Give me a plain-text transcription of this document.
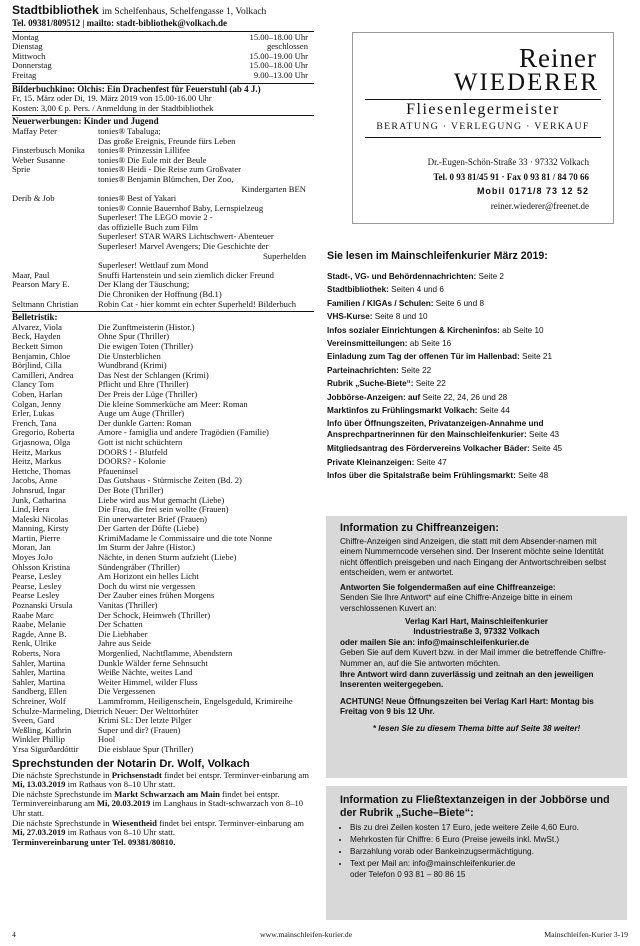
Stadtbibliothek im Schelfenhaus, Schelfengasse 1, Volkach
Tel. 09381/809512 | mailto: stadt-bibliothek@volkach.de
Montag	15.00–18.00 Uhr
Dienstag	geschlossen
Mittwoch	15.00–19.00 Uhr
Donnerstag	15.00–18.00 Uhr
Freitag	9.00–13.00 Uhr
Bilderbuchkino: Olchis: Ein Drachenfest für Feuerstuhl (ab 4 J.)
Fr, 15. März oder Di, 19. März 2019 von 15.00-16.00 Uhr
Kosten: 3,00 € p. Pers. / Anmeldung in der Stadtbibliothek
Neuerwerbungen: Kinder und Jugend
Maffay Peter	tonies® Tabaluga;
Das große Ereignis, Freunde fürs Leben
Finsterbusch Monika	tonies® Prinzessin Lillifee
Weber Susanne	tonies® Die Eule mit der Beule
Sprie	tonies® Heidi - Die Reise zum Großvater
tonies® Benjamin Blümchen, Der Zoo,
Kindergarten BEN
Derib & Job	tonies® Best of Yakari
tonies® Connie Bauernhof Baby, Lernspielzeug
Superleser! The LEGO movie 2 -
das offizielle Buch zum Film
Superleser! STAR WARS Lichtschwert- Abenteuer
Superleser! Marvel Avengers; Die Geschichte der
Superhelden
Superleser! Wettlauf zum Mond
Maar, Paul	Snuffi Hartenstein und sein ziemlich dicker Freund
Pearson Mary E.	Der Klang der Täuschung;
Die Chroniken der Hoffnung (Bd.1)
Seltmann Christian	Robin Cat - hier kommt ein echter Superheld! Bilderbuch
Belletristik:
Alvarez, Viola	Die Zunftmeisterin (Histor.)
Beck, Hayden	Ohne Spur (Thriller)
Beckett Simon	Die ewigen Toten (Thriller)
Benjamin, Chloe	Die Unsterblichen
Börjlind, Cilla	Wundbrand (Krimi)
Camilleri, Andrea	Das Nest der Schlangen (Krimi)
Clancy Tom	Pflicht und Ehre (Thriller)
Coben, Harlan	Der Preis der Lüge (Thriller)
Colgan, Jenny	Die kleine Sommerküche am Meer: Roman
Erler, Lukas	Auge um Auge (Thriller)
French, Tana	Der dunkle Garten: Roman
Gregorio, Roberta	Amore - famiglia und andere Tragödien (Familie)
Grjasnowa, Olga	Gott ist nicht schüchtern
Heitz, Markus	DOORS ! - Blutfeld
Heitz, Markus	DOORS? - Kolonie
Hettche, Thomas	Pfaueninsel
Jacobs, Anne	Das Gutshaus - Stürmische Zeiten (Bd. 2)
Johnsrud, Ingar	Der Bote (Thriller)
Junk, Catharina	Liebe wird aus Mut gemacht (Liebe)
Lind, Hera	Die Frau, die frei sein wollte (Frauen)
Maleski Nicolas	Ein unerwarteter Brief (Frauen)
Manning, Kirsty	Der Garten der Düfte (Liebe)
Martin, Pierre	KrimiMadame le Commissaire und die tote Nonne
Moran, Jan	Im Sturm der Jahre (Histor.)
Moyes JoJo	Nächte, in denen Sturm aufzieht (Liebe)
Ohlsson Kristina	Sündengräber (Thriller)
Pearse, Lesley	Am Horizont ein helles Licht
Pearse, Lesley	Doch du wirst nie vergessen
Pearse Lesley	Der Zauber eines frühen Morgens
Poznanski Ursula	Vanitas (Thriller)
Raabe Marc	Der Schock, Heimweh (Thriller)
Raabe, Melanie	Der Schatten
Ragde, Anne B.	Die Liebhaber
Renk, Ulrike	Jahre aus Seide
Roberts, Nora	Morgenlied, Nachtflamme, Abendstern
Sahler, Martina	Dunkle Wälder ferne Sehnsucht
Sahler, Martina	Weiße Nächte, weites Land
Sahler, Martina	Weiter Himmel, wilder Fluss
Sandberg, Ellen	Die Vergessenen
Schreiner, Wolf	Lammfromm, Heiligenschein, Engelsgeduld, Krimireihe
Schulze-Marmeling, Dietrich Neuer: Der Welttorhüter
Sveen, Gard	Krimi SL: Der letzte Pilger
Weßling, Kathrin	Super und dir? (Frauen)
Winkler Phillip	Hool
Yrsa Sigurðardóttir	Die eisblaue Spur (Thriller)
Sprechstunden der Notarin Dr. Wolf, Volkach

Die nächste Sprechstunde in Prichsenstadt findet bei entspr. Terminver-einbarung am Mi, 13.03.2019 im Rathaus von 8–10 Uhr statt.

Die nächste Sprechstunde im Markt Schwarzach am Main findet bei entspr. Terminvereinbarung am Mi, 20.03.2019 im Langhaus in Stadt-schwarzach von 8–10 Uhr statt.

Die nächste Sprechstunde in Wiesentheid findet bei entspr. Terminver-einbarung am Mi, 27.03.2019 im Rathaus von 8–10 Uhr statt.

Terminvereinbarung unter Tel. 09381/80810.

Reiner
WIEDERER
Fliesenlegermeister
BERATUNG · VERLEGUNG · VERKAUF
Dr.-Eugen-Schön-Straße 33 · 97332 Volkach
Tel. 0 93 81/45 91 · Fax 0 93 81 / 84 70 66
Mobil 0171/8 73 12 52
reiner.wiederer@freenet.de
Sie lesen im Mainschleifenkurier März 2019:
Stadt-, VG- und Behördennachrichten: Seite 2
Stadtbibliothek: Seiten 4 und 6
Familien / KIGAs / Schulen: Seite 6 und 8
VHS-Kurse: Seite 8 und 10
Infos sozialer Einrichtungen & Kircheninfos: ab Seite 10
Vereinsmitteilungen: ab Seite 16
Einladung zum Tag der offenen Tür im Hallenbad: Seite 21
Parteinachrichten: Seite 22
Rubrik „Suche-Biete“: Seite 22
Jobbörse-Anzeigen: auf Seite 22, 24, 26 und 28
Marktinfos zu Frühlingsmarkt Volkach: Seite 44
Info über Öffnungszeiten, Privatanzeigen-Annahme und Ansprechpartnerinnen für den Mainschleifenkurier: Seite 43
Mitgliedsantrag des Fördervereins Volkacher Bäder: Seite 45
Private Kleinanzeigen: Seite 47
Infos über die Spitalstraße beim Frühlingsmarkt: Seite 48

Information zu Chiffreanzeigen:

Chiffre-Anzeigen sind Anzeigen, die statt mit dem Absender-namen mit einem Nummerncode versehen sind. Der Inserent möchte seine Identität nicht öffentlich preisgeben und nach Eingang der Antwortschreiben selbst entscheiden, wem er antwortet.

Antworten Sie folgendermaßen auf eine Chiffreanzeige:

Senden Sie Ihre Antwort* auf eine Chiffre-Anzeige bitte in einem verschlossenen Kuvert an:

Verlag Karl Hart, Mainschleifenkurier

Industriestraße 3, 97332 Volkach

oder mailen Sie an: info@mainschleifenkurier.de

Geben Sie auf dem Kuvert bzw. in der Mail immer die betreffende Chiffre-Nummer an, auf die Sie antworten möchten.

Ihre Antwort wird dann zuverlässig und zeitnah an den jeweiligen Inserenten weitergegeben.

ACHTUNG! Neue Öffnungszeiten bei Verlag Karl Hart: Montag bis Freitag von 9 bis 12 Uhr.

* lesen Sie zu diesem Thema bitte auf Seite 38 weiter!

Information zu Fließtextanzeigen in der Jobbörse und der Rubrik „Suche–Biete“:

• Bis zu drei Zeilen kosten 17 Euro, jede weitere Zeile 4,60 Euro.
• Mehrkosten für Chiffre: 6 Euro (Preise jeweils inkl. MwSt.)
• Barzahlung vorab oder Bankeinzugsermächtigung.
• Text per Mail an: info@mainschleifenkurier.de

oder Telefon 0 93 81 – 80 86 15

4	www.mainschleifen-kurier.de	Mainschleifen-Kurier 3-19
